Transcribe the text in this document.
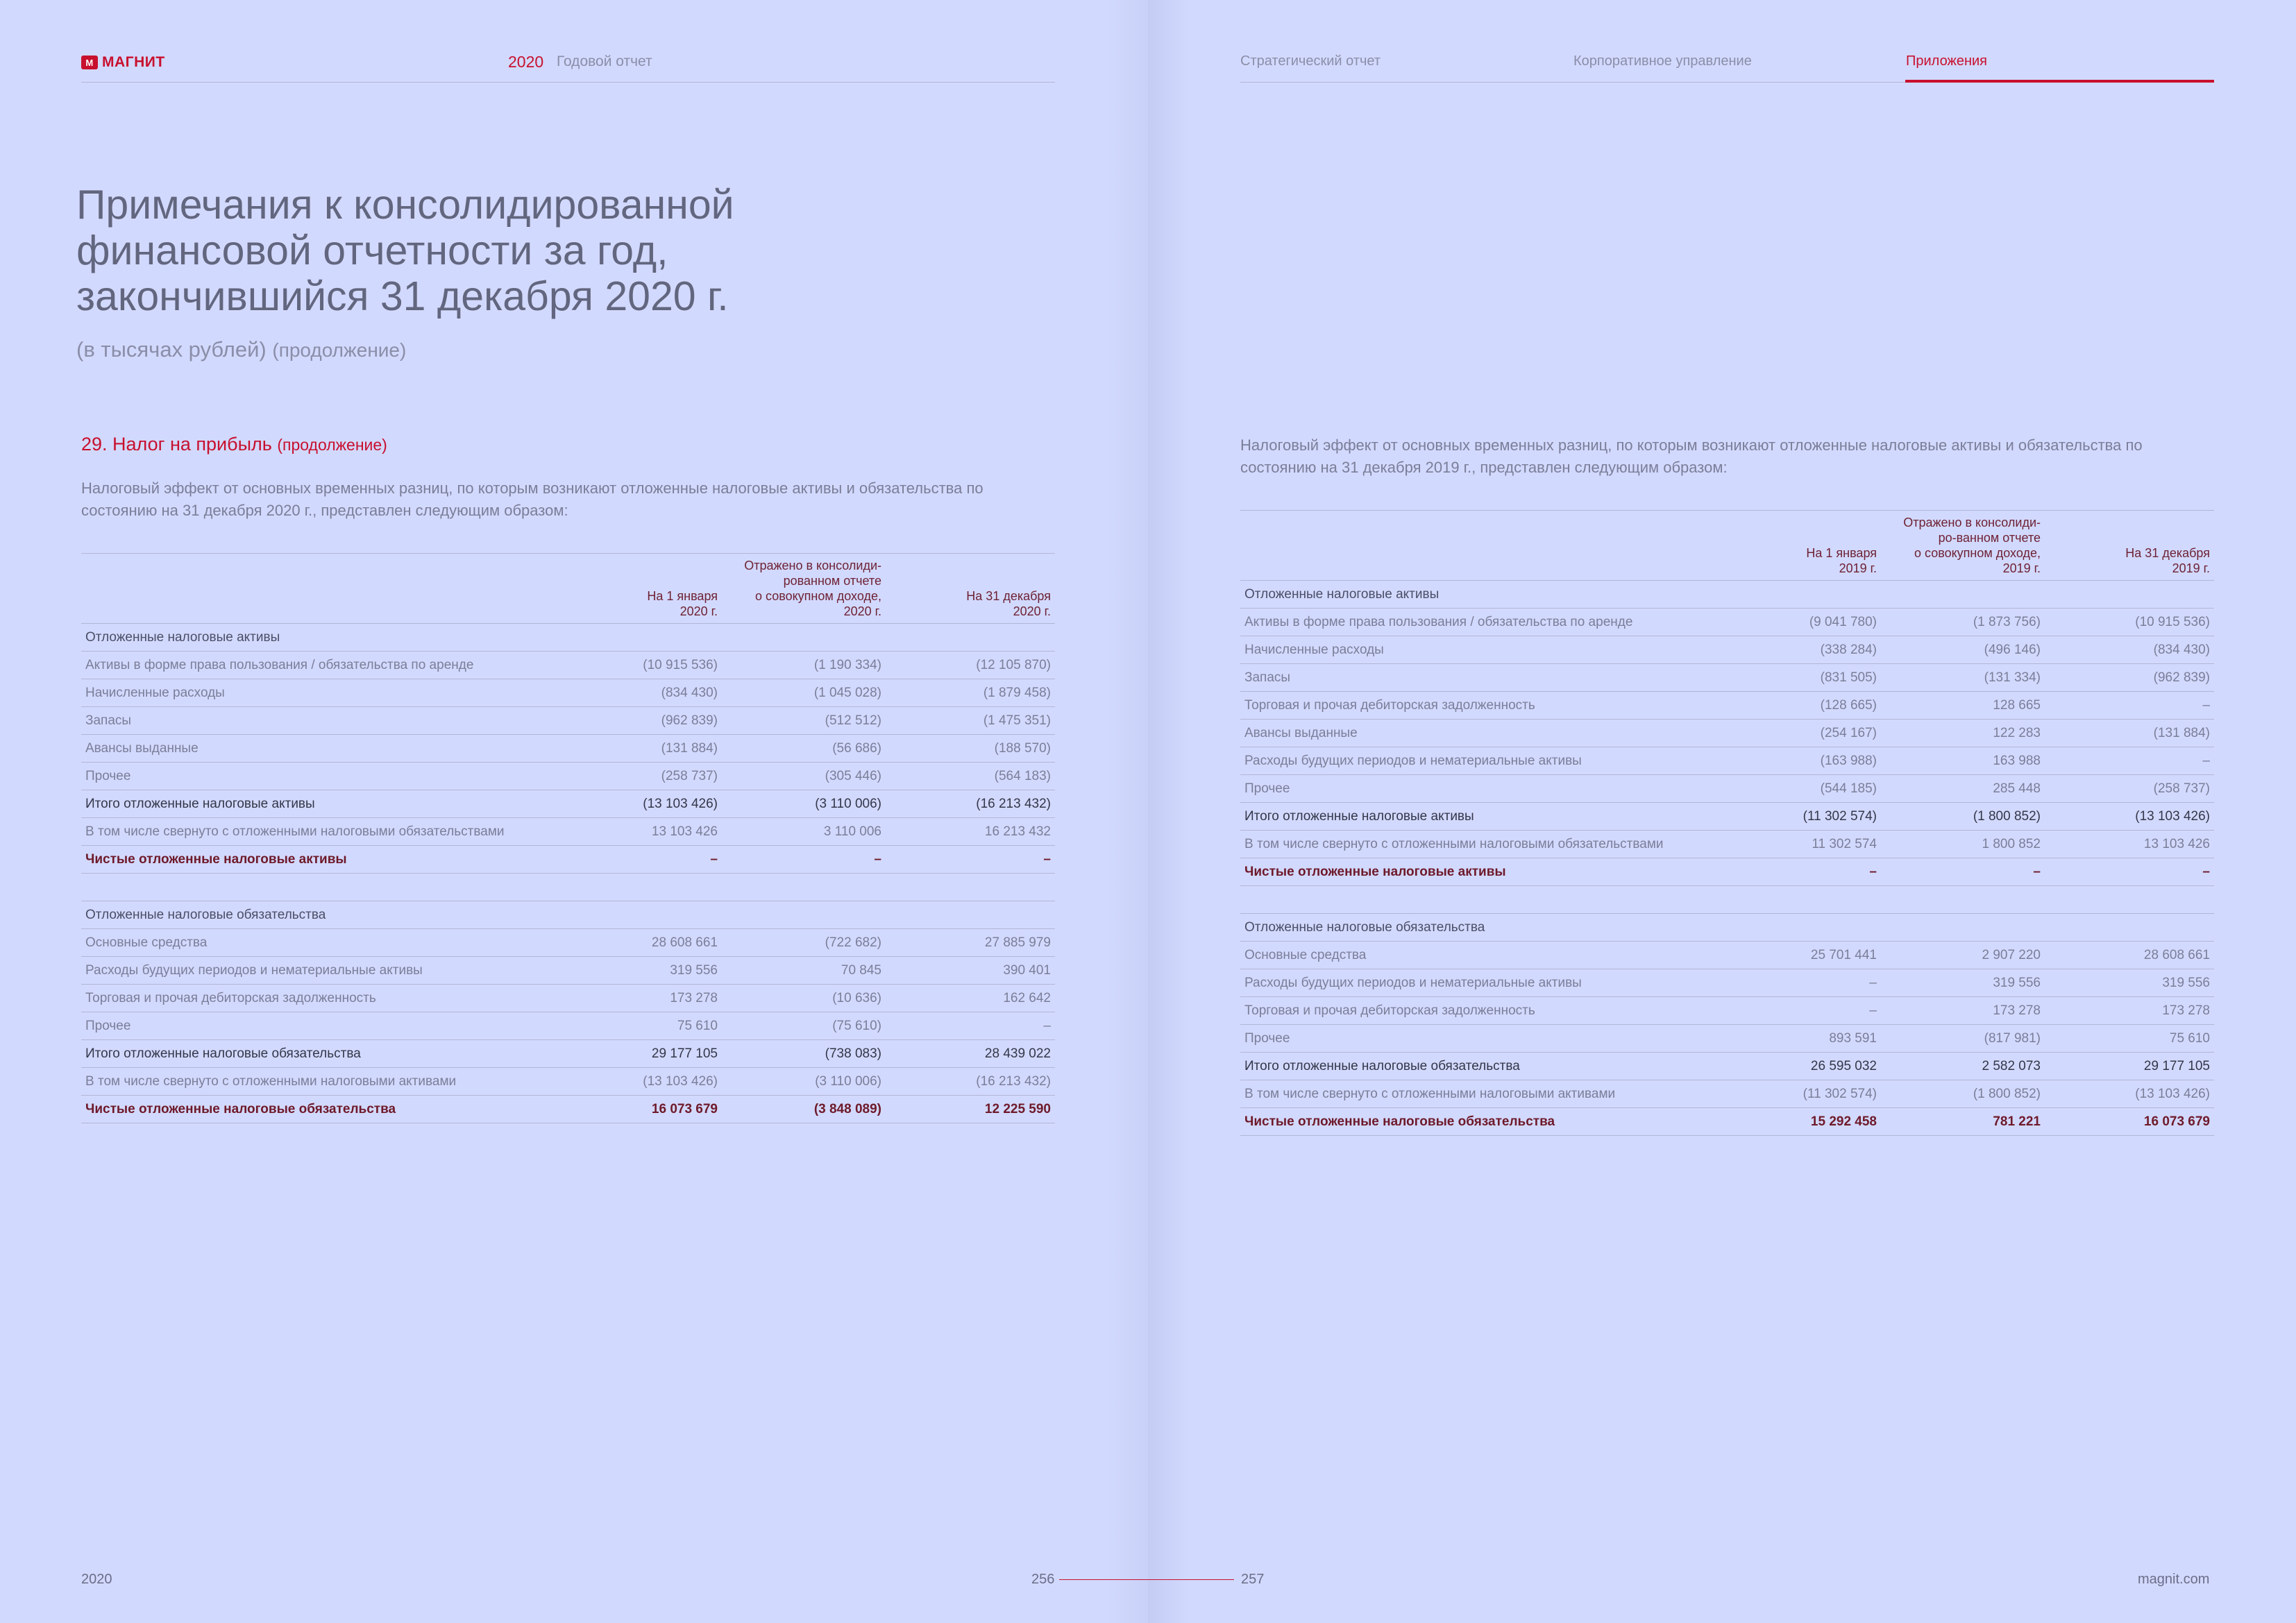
М МАГНИТ	2020 Годовой отчет	Стратегический отчет	Корпоративное управление	Приложения
Примечания к консолидированной финансовой отчетности за год, закончившийся 31 декабря 2020 г.
(в тысячах рублей) (продолжение)
29. Налог на прибыль (продолжение)

Налоговый эффект от основных временных разниц, по которым возникают отложенные налоговые активы и обязательства по состоянию на 31 декабря 2020 г., представлен следующим образом:

Налоговый эффект от основных временных разниц, по которым возникают отложенные налоговые активы и обязательства по состоянию на 31 декабря 2019 г., представлен следующим образом:

	На 1 января
2020 г.	Отражено в консолиди-
рованном отчете
о совокупном доходе,
2020 г.	На 31 декабря
2020 г.
Отложенные налоговые активы			
Активы в форме права пользования / обязательства по аренде	(10 915 536)	(1 190 334)	(12 105 870)
Начисленные расходы	(834 430)	(1 045 028)	(1 879 458)
Запасы	(962 839)	(512 512)	(1 475 351)
Авансы выданные	(131 884)	(56 686)	(188 570)
Прочее	(258 737)	(305 446)	(564 183)
Итого отложенные налоговые активы	(13 103 426)	(3 110 006)	(16 213 432)
В том числе свернуто с отложенными налоговыми обязательствами	13 103 426	3 110 006	16 213 432
Чистые отложенные налоговые активы	–	–	–

Отложенные налоговые обязательства			
Основные средства	28 608 661	(722 682)	27 885 979
Расходы будущих периодов и нематериальные активы	319 556	70 845	390 401
Торговая и прочая дебиторская задолженность	173 278	(10 636)	162 642
Прочее	75 610	(75 610)	–
Итого отложенные налоговые обязательства	29 177 105	(738 083)	28 439 022
В том числе свернуто с отложенными налоговыми активами	(13 103 426)	(3 110 006)	(16 213 432)
Чистые отложенные налоговые обязательства	16 073 679	(3 848 089)	12 225 590
	На 1 января
2019 г.	Отражено в консолиди-
ро-ванном отчете
о совокупном доходе,
2019 г.	На 31 декабря
2019 г.
Отложенные налоговые активы			
Активы в форме права пользования / обязательства по аренде	(9 041 780)	(1 873 756)	(10 915 536)
Начисленные расходы	(338 284)	(496 146)	(834 430)
Запасы	(831 505)	(131 334)	(962 839)
Торговая и прочая дебиторская задолженность	(128 665)	128 665	–
Авансы выданные	(254 167)	122 283	(131 884)
Расходы будущих периодов и нематериальные активы	(163 988)	163 988	–
Прочее	(544 185)	285 448	(258 737)
Итого отложенные налоговые активы	(11 302 574)	(1 800 852)	(13 103 426)
В том числе свернуто с отложенными налоговыми обязательствами	11 302 574	1 800 852	13 103 426
Чистые отложенные налоговые активы	–	–	–

Отложенные налоговые обязательства			
Основные средства	25 701 441	2 907 220	28 608 661
Расходы будущих периодов и нематериальные активы	–	319 556	319 556
Торговая и прочая дебиторская задолженность	–	173 278	173 278
Прочее	893 591	(817 981)	75 610
Итого отложенные налоговые обязательства	26 595 032	2 582 073	29 177 105
В том числе свернуто с отложенными налоговыми активами	(11 302 574)	(1 800 852)	(13 103 426)
Чистые отложенные налоговые обязательства	15 292 458	781 221	16 073 679
2020	256	257	magnit.com
